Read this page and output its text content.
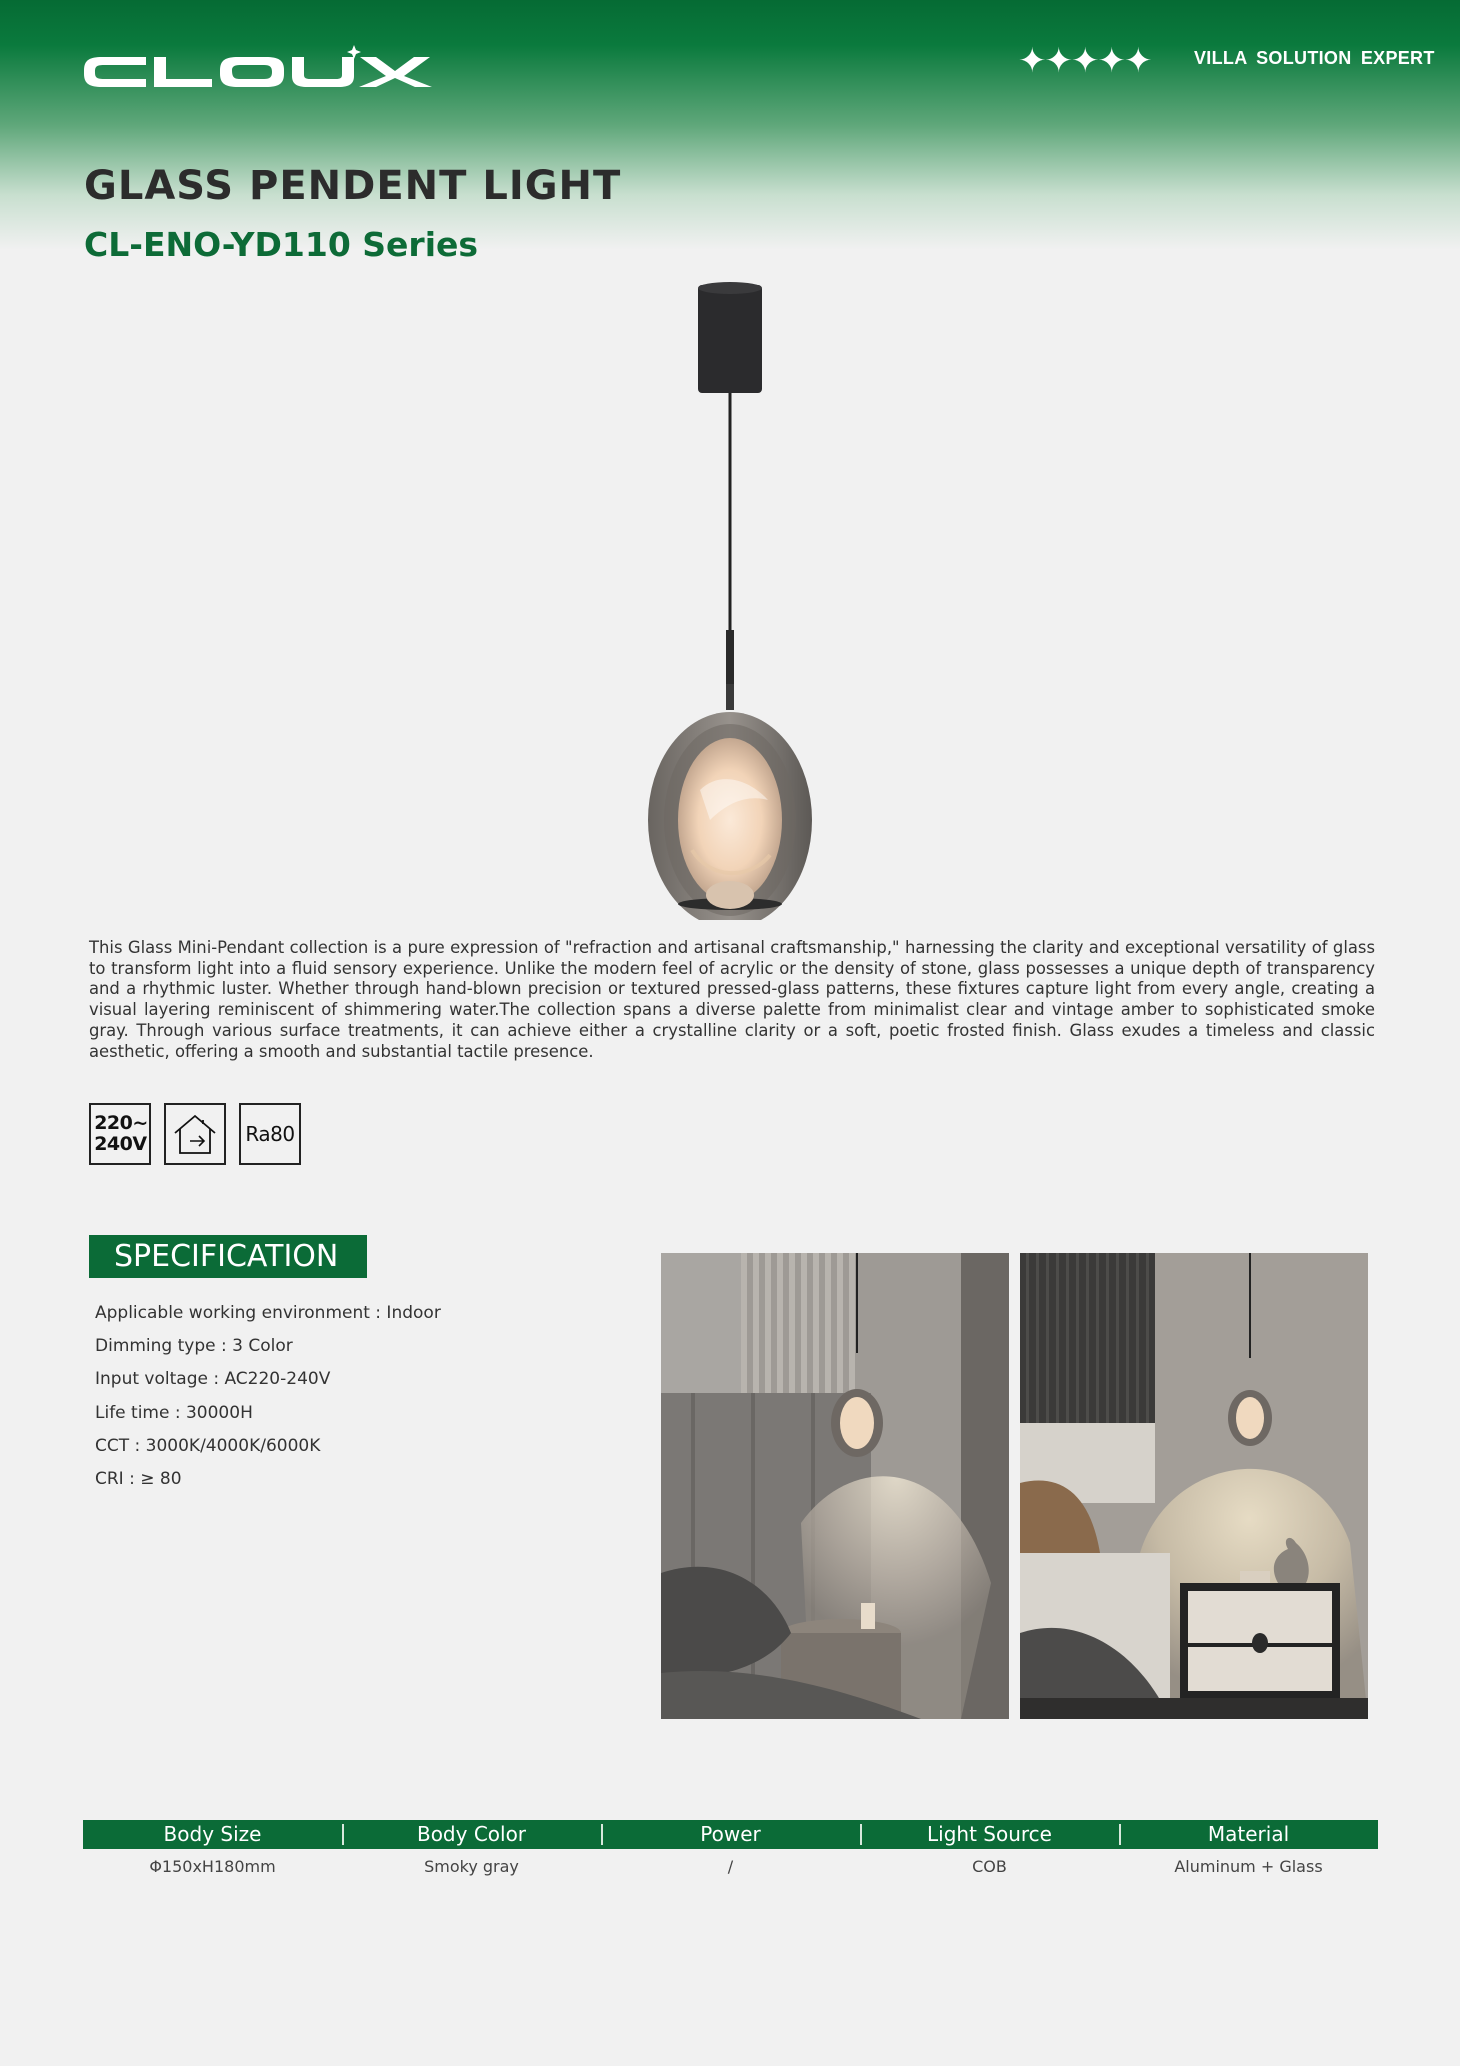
✦✦✦✦✦ VILLA SOLUTION EXPERT
GLASS PENDENT LIGHT
CL-ENO-YD110 Series

This Glass Mini-Pendant collection is a pure expression of "refraction and artisanal craftsmanship," harnessing the clarity and exceptional versatility of glass to transform light into a fluid sensory experience. Unlike the modern feel of acrylic or the density of stone, glass possesses a unique depth of transparency and a rhythmic luster. Whether through hand-blown precision or textured pressed-glass patterns, these fixtures capture light from every angle, creating a visual layering reminiscent of shimmering water.The collection spans a diverse palette from minimalist clear and vintage amber to sophisticated smoke gray. Through various surface treatments, it can achieve either a crystalline clarity or a soft, poetic frosted finish. Glass exudes a timeless and classic aesthetic, offering a smooth and substantial tactile presence.

220~
240V	Ra80
SPECIFICATION
Applicable working environment : Indoor
Dimming type : 3 Color
Input voltage : AC220-240V
Life time : 30000H
CCT : 3000K/4000K/6000K
CRI : ≥ 80
Body Size	Body Color	Power	Light Source	Material
Φ150xH180mm	Smoky gray	/	COB	Aluminum + Glass
